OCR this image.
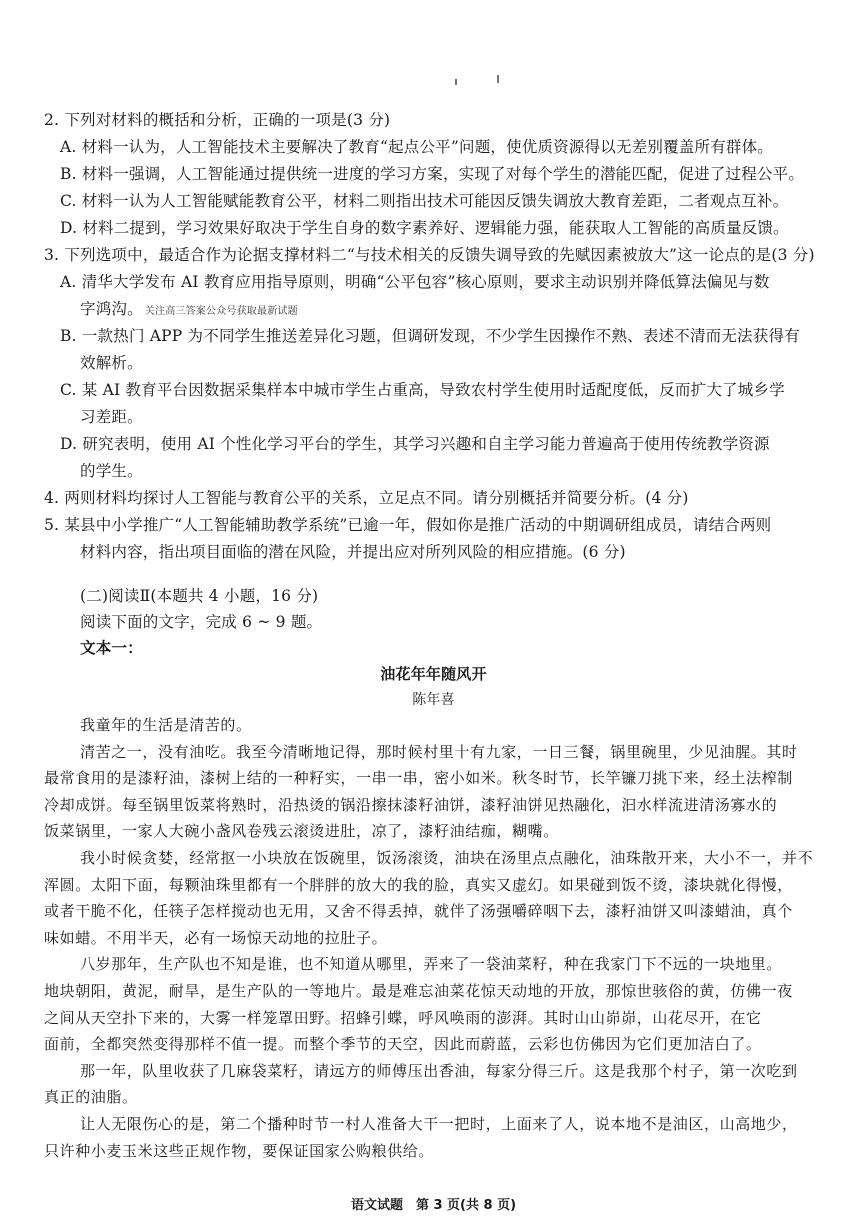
2. 下列对材料的概括和分析，正确的一项是(3 分)
A. 材料一认为，人工智能技术主要解决了教育“起点公平”问题，使优质资源得以无差别覆盖所有群体。
B. 材料一强调，人工智能通过提供统一进度的学习方案，实现了对每个学生的潜能匹配，促进了过程公平。
C. 材料一认为人工智能赋能教育公平，材料二则指出技术可能因反馈失调放大教育差距，二者观点互补。
D. 材料二提到，学习效果好取决于学生自身的数字素养好、逻辑能力强，能获取人工智能的高质量反馈。
3. 下列选项中，最适合作为论据支撑材料二“与技术相关的反馈失调导致的先赋因素被放大”这一论点的是(3 分)
A. 清华大学发布 AI 教育应用指导原则，明确“公平包容”核心原则，要求主动识别并降低算法偏见与数
字鸿沟。 关注高三答案公众号获取最新试题
B. 一款热门 APP 为不同学生推送差异化习题，但调研发现，不少学生因操作不熟、表述不清而无法获得有
效解析。
C. 某 AI 教育平台因数据采集样本中城市学生占重高，导致农村学生使用时适配度低，反而扩大了城乡学
习差距。
D. 研究表明，使用 AI 个性化学习平台的学生，其学习兴趣和自主学习能力普遍高于使用传统教学资源
的学生。
4. 两则材料均探讨人工智能与教育公平的关系，立足点不同。请分别概括并简要分析。(4 分)
5. 某县中小学推广“人工智能辅助教学系统”已逾一年，假如你是推广活动的中期调研组成员，请结合两则
材料内容，指出项目面临的潜在风险，并提出应对所列风险的相应措施。(6 分)
(二)阅读Ⅱ(本题共 4 小题，16 分)
阅读下面的文字，完成 6 ~ 9 题。
文本一：
油花年年随风开
陈年喜
我童年的生活是清苦的。
清苦之一，没有油吃。我至今清晰地记得，那时候村里十有九家，一日三餐，锅里碗里，少见油腥。其时
最常食用的是漆籽油，漆树上结的一种籽实，一串一串，密小如米。秋冬时节，长竿镰刀挑下来，经土法榨制
冷却成饼。每至锅里饭菜将熟时，沿热烫的锅沿擦抹漆籽油饼，漆籽油饼见热融化，汩水样流进清汤寡水的
饭菜锅里，一家人大碗小盏风卷残云滚烫进肚，凉了，漆籽油结痂，糊嘴。
我小时候贪婪，经常抠一小块放在饭碗里，饭汤滚烫，油块在汤里点点融化，油珠散开来，大小不一，并不
浑圆。太阳下面，每颗油珠里都有一个胖胖的放大的我的脸，真实又虚幻。如果碰到饭不烫，漆块就化得慢，
或者干脆不化，任筷子怎样搅动也无用，又舍不得丢掉，就伴了汤强嚼碎咽下去，漆籽油饼又叫漆蜡油，真个
味如蜡。不用半天，必有一场惊天动地的拉肚子。
八岁那年，生产队也不知是谁，也不知道从哪里，弄来了一袋油菜籽，种在我家门下不远的一块地里。
地块朝阳，黄泥，耐旱，是生产队的一等地片。最是难忘油菜花惊天动地的开放，那惊世骇俗的黄，仿佛一夜
之间从天空扑下来的，大雾一样笼罩田野。招蜂引蝶，呼风唤雨的澎湃。其时山山峁峁，山花尽开，在它
面前，全都突然变得那样不值一提。而整个季节的天空，因此而蔚蓝，云彩也仿佛因为它们更加洁白了。
那一年，队里收获了几麻袋菜籽，请远方的师傅压出香油，每家分得三斤。这是我那个村子，第一次吃到
真正的油脂。
让人无限伤心的是，第二个播种时节一村人准备大干一把时，上面来了人，说本地不是油区，山高地少，
只许种小麦玉米这些正规作物，要保证国家公购粮供给。
语文试题　第 3 页(共 8 页)
